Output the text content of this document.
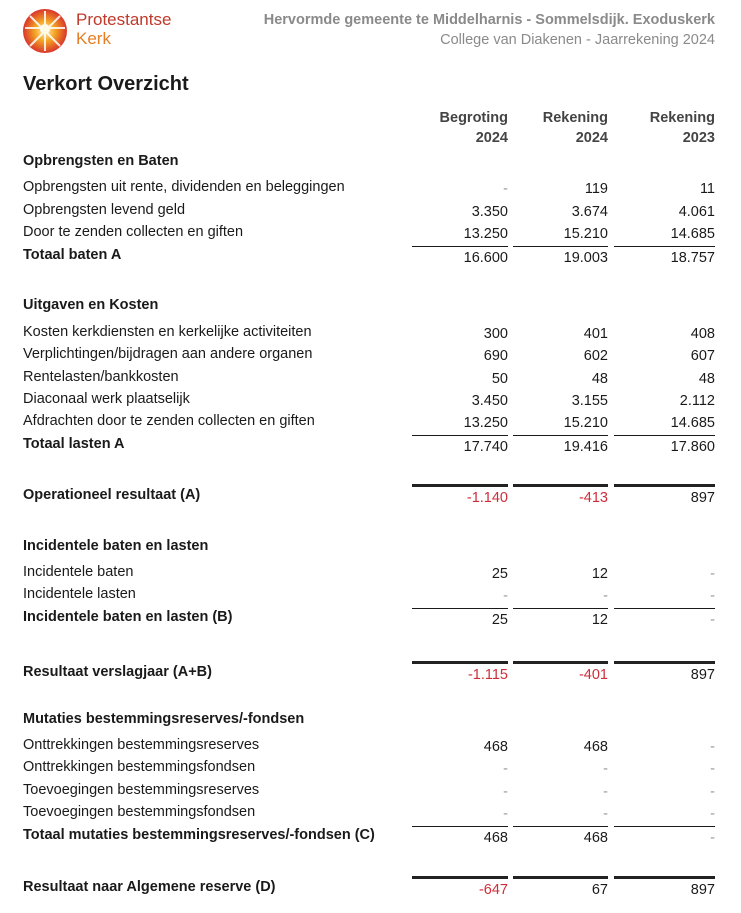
Protestantse
Kerk
Hervormde gemeente te Middelharnis - Sommelsdijk. Exoduskerk
College van Diakenen - Jaarrekening 2024
Verkort Overzicht
Begroting
2024
Rekening
2024
Rekening
2023
Opbrengsten en Baten
Opbrengsten uit rente, dividenden en beleggingen	-	119	11
Opbrengsten levend geld	3.350	3.674	4.061
Door te zenden collecten en giften	13.250	15.210	14.685
Totaal baten A	16.600	19.003	18.757
Uitgaven en Kosten
Kosten kerkdiensten en kerkelijke activiteiten	300	401	408
Verplichtingen/bijdragen aan andere organen	690	602	607
Rentelasten/bankkosten	50	48	48
Diaconaal werk plaatselijk	3.450	3.155	2.112
Afdrachten door te zenden collecten en giften	13.250	15.210	14.685
Totaal lasten A	17.740	19.416	17.860
Operationeel resultaat (A)	-1.140	-413	897
Incidentele baten en lasten
Incidentele baten	25	12	-
Incidentele lasten	-	-	-
Incidentele baten en lasten (B)	25	12	-
Resultaat verslagjaar (A+B)	-1.115	-401	897
Mutaties bestemmingsreserves/-fondsen
Onttrekkingen bestemmingsreserves	468	468	-
Onttrekkingen bestemmingsfondsen	-	-	-
Toevoegingen bestemmingsreserves	-	-	-
Toevoegingen bestemmingsfondsen	-	-	-
Totaal mutaties bestemmingsreserves/-fondsen (C)	468	468	-
Resultaat naar Algemene reserve (D)	-647	67	897
